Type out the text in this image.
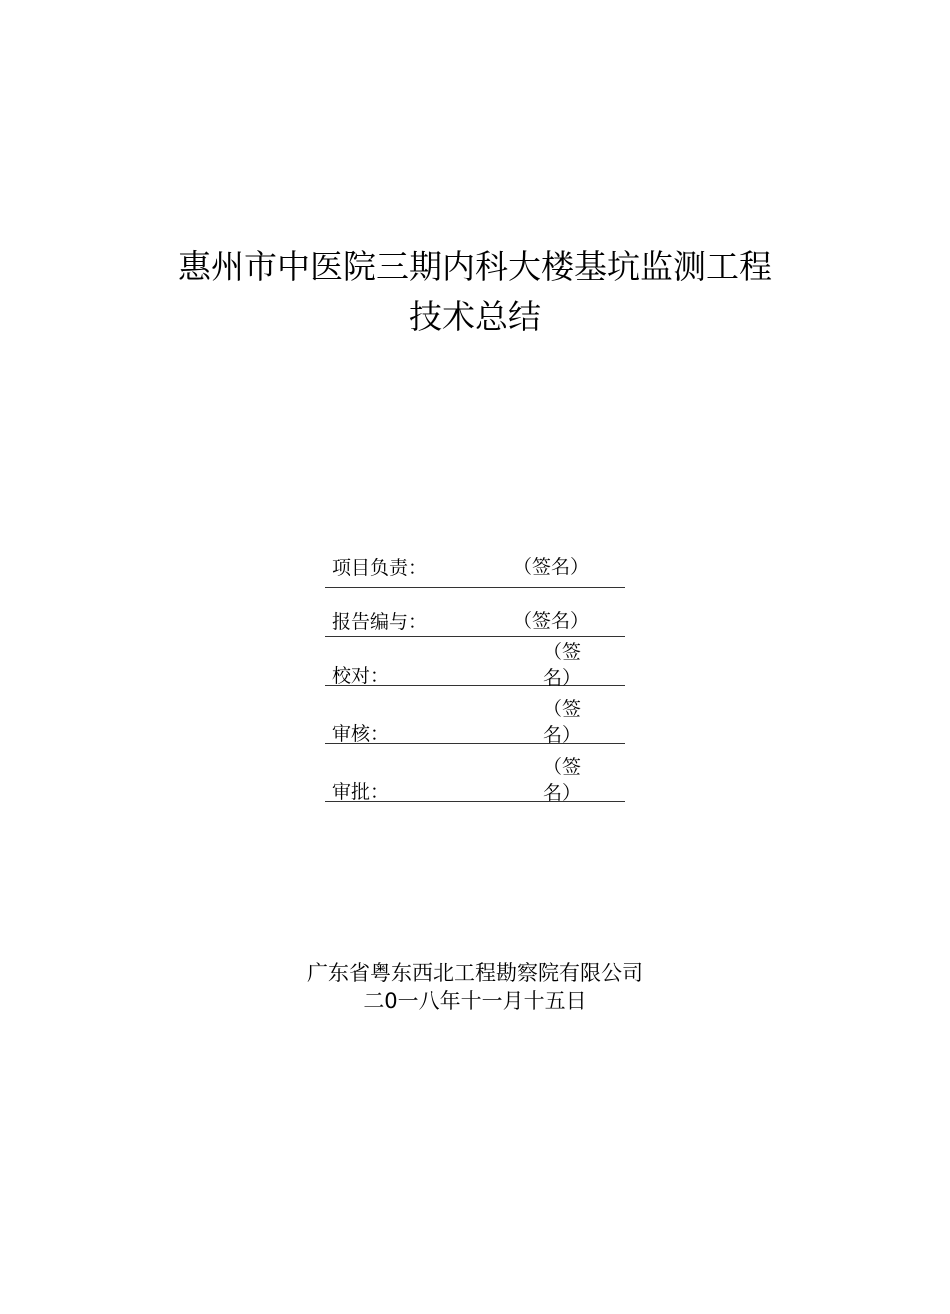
惠州市中医院三期内科大楼基坑监测工程
技术总结
项目负责：	（签名）
报告编与：	（签名）
校对：
（签名）
审核：
（签名）
审批：
（签名）
广东省粤东西北工程勘察院有限公司
二0一八年十一月十五日
